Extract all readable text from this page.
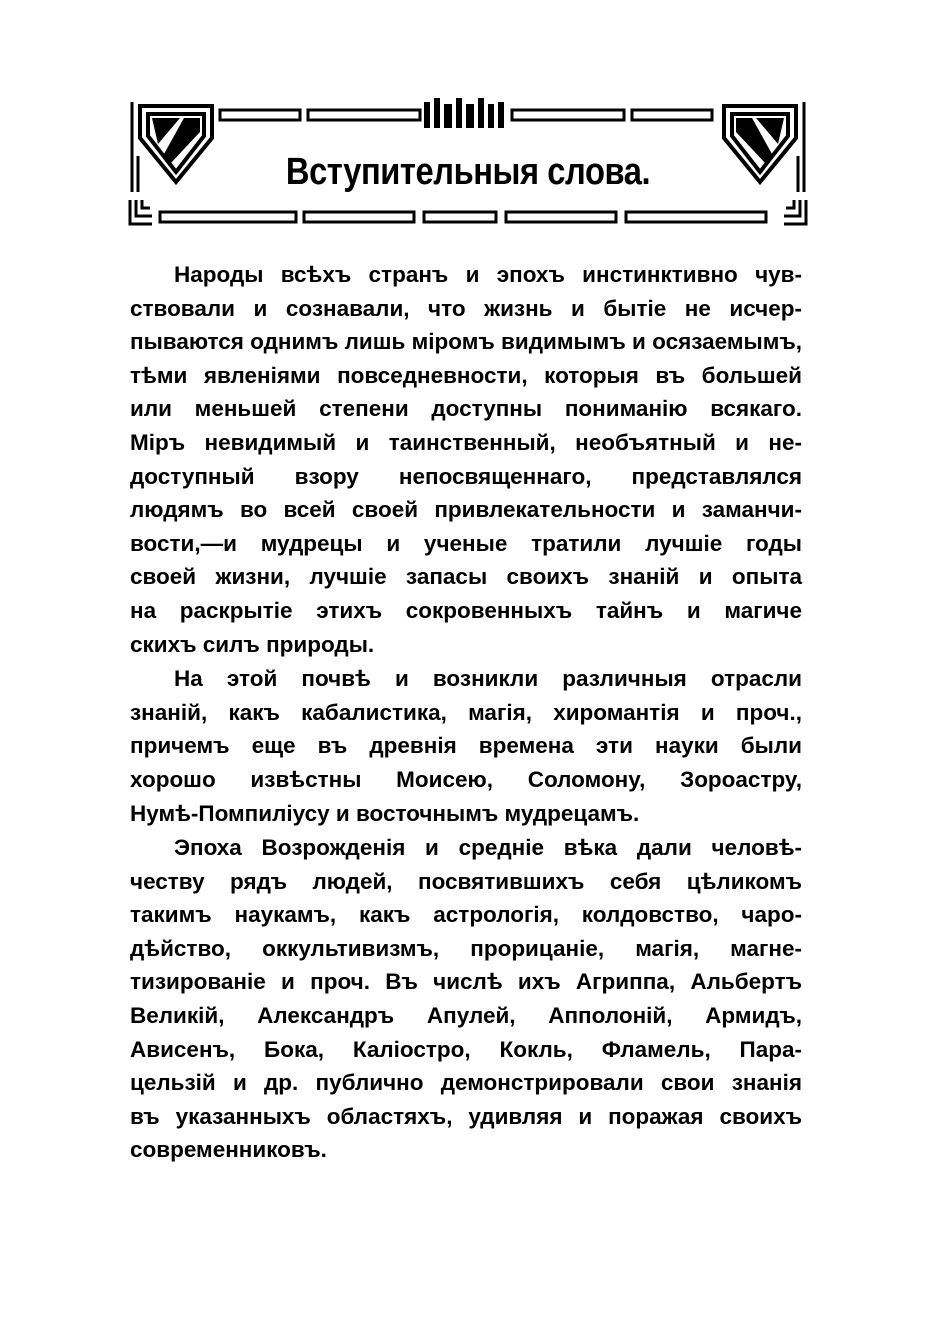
Вступительныя слова.

Народы всѣхъ странъ и эпохъ инстинктивно чув-
ствовали и сознавали, что жизнь и бытіе не исчер-
пываются однимъ лишь міромъ видимымъ и осязаемымъ,
тѣми явленіями повседневности, которыя въ большей
или меньшей степени доступны пониманію всякаго.
Міръ невидимый и таинственный, необъятный и не-
доступный взору непосвященнаго, представлялся
людямъ во всей своей привлекательности и заманчи-
вости,—и мудрецы и ученые тратили лучшіе годы
своей жизни, лучшіе запасы своихъ знаній и опыта
на раскрытіе этихъ сокровенныхъ тайнъ и магиче
скихъ силъ природы.

На этой почвѣ и возникли различныя отрасли
знаній, какъ кабалистика, магія, хиромантія и проч.,
причемъ еще въ древнія времена эти науки были
хорошо извѣстны Моисею, Соломону, Зороастру,
Нумѣ-Помпиліусу и восточнымъ мудрецамъ.

Эпоха Возрожденія и средніе вѣка дали человѣ-
честву рядъ людей, посвятившихъ себя цѣликомъ
такимъ наукамъ, какъ астрологія, колдовство, чаро-
дѣйство, оккультивизмъ, прорицаніе, магія, магне-
тизированіе и проч. Въ числѣ ихъ Агриппа, Альбертъ
Великій, Александръ Апулей, Апполоній, Армидъ,
Ависенъ, Бока, Каліостро, Кокль, Фламель, Пара-
цельзій и др. публично демонстрировали свои знанія
въ указанныхъ областяхъ, удивляя и поражая своихъ
современниковъ.
